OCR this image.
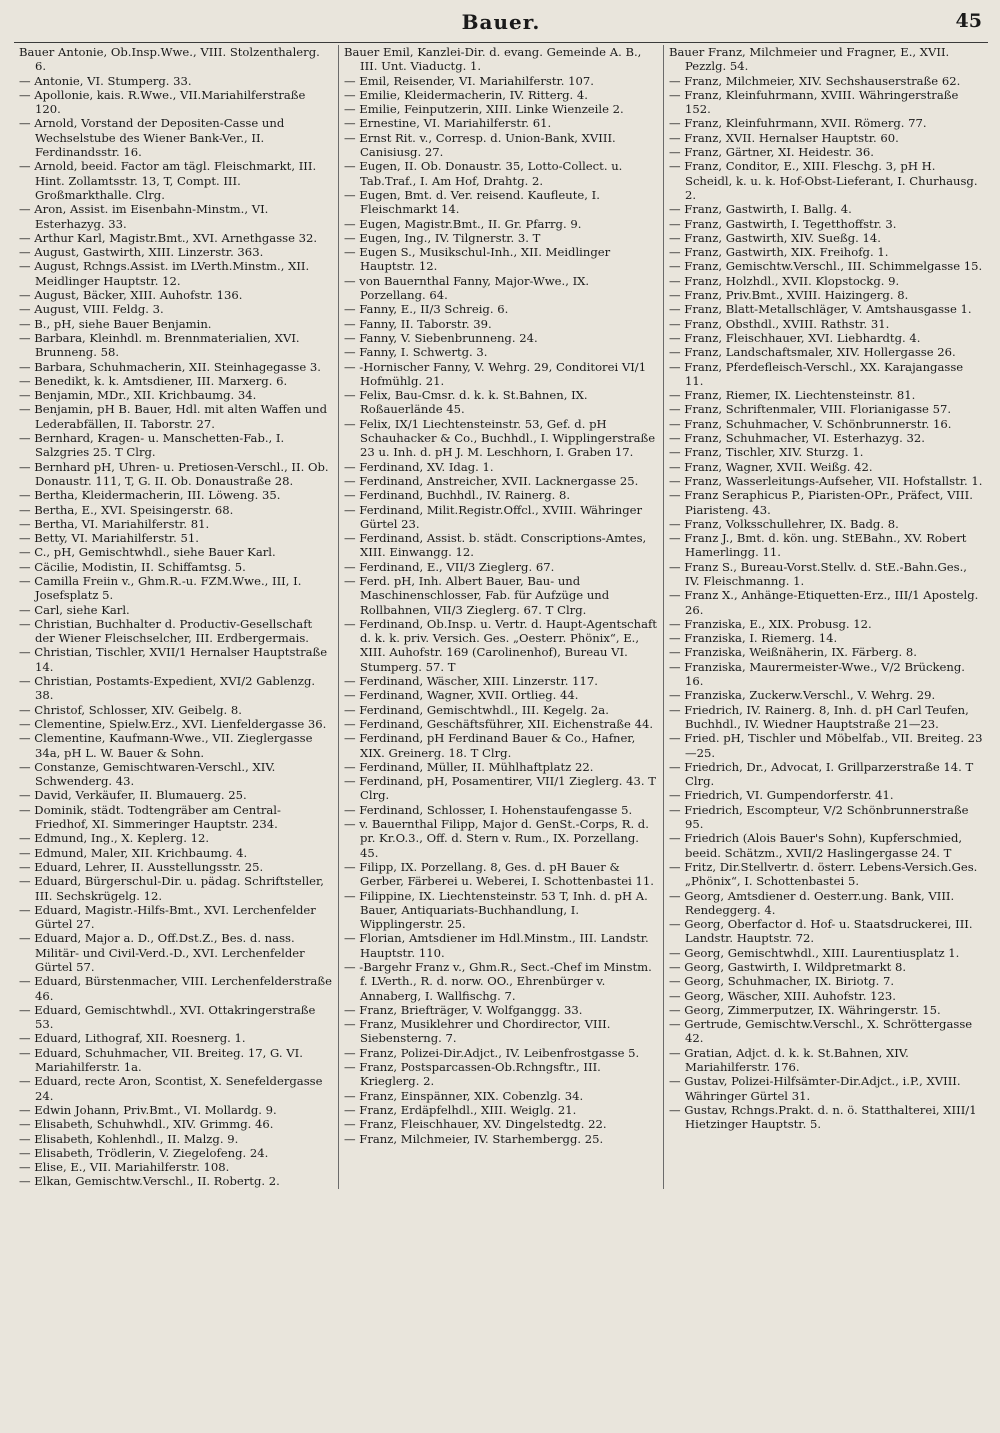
Bauer.	45

Bauer Antonie, Ob.Insp.Wwe., VIII. Stolzenthalerg. 6.

— Antonie, VI. Stumperg. 33.

— Apollonie, kais. R.Wwe., VII.Mariahilferstraße 120.

— Arnold, Vorstand der Depositen-Casse und Wechselstube des Wiener Bank-Ver., II. Ferdinandsstr. 16.

— Arnold, beeid. Factor am tägl. Fleischmarkt, III. Hint. Zollamtsstr. 13, T, Compt. III. Großmarkthalle. Clrg.

— Aron, Assist. im Eisenbahn-Minstm., VI. Esterhazyg. 33.

— Arthur Karl, Magistr.Bmt., XVI. Arnethgasse 32.

— August, Gastwirth, XIII. Linzerstr. 363.

— August, Rchngs.Assist. im LVerth.Minstm., XII. Meidlinger Hauptstr. 12.

— August, Bäcker, XIII. Auhofstr. 136.

— August, VIII. Feldg. 3.

— B., pH, siehe Bauer Benjamin.

— Barbara, Kleinhdl. m. Brennmaterialien, XVI. Brunneng. 58.

— Barbara, Schuhmacherin, XII. Steinhagegasse 3.

— Benedikt, k. k. Amtsdiener, III. Marxerg. 6.

— Benjamin, MDr., XII. Krichbaumg. 34.

— Benjamin, pH B. Bauer, Hdl. mit alten Waffen und Lederabfällen, II. Taborstr. 27.

— Bernhard, Kragen- u. Manschetten-Fab., I. Salzgries 25. T Clrg.

— Bernhard pH, Uhren- u. Pretiosen-Verschl., II. Ob. Donaustr. 111, T, G. II. Ob. Donaustraße 28.

— Bertha, Kleidermacherin, III. Löweng. 35.

— Bertha, E., XVI. Speisingerstr. 68.

— Bertha, VI. Mariahilferstr. 81.

— Betty, VI. Mariahilferstr. 51.

— C., pH, Gemischtwhdl., siehe Bauer Karl.

— Cäcilie, Modistin, II. Schiffamtsg. 5.

— Camilla Freiin v., Ghm.R.-u. FZM.Wwe., III, I. Josefsplatz 5.

— Carl, siehe Karl.

— Christian, Buchhalter d. Productiv-Gesellschaft der Wiener Fleischselcher, III. Erdbergermais.

— Christian, Tischler, XVII/1 Hernalser Hauptstraße 14.

— Christian, Postamts-Expedient, XVI/2 Gablenzg. 38.

— Christof, Schlosser, XIV. Geibelg. 8.

— Clementine, Spielw.Erz., XVI. Lienfeldergasse 36.

— Clementine, Kaufmann-Wwe., VII. Zieglergasse 34a, pH L. W. Bauer & Sohn.

— Constanze, Gemischtwaren-Verschl., XIV. Schwenderg. 43.

— David, Verkäufer, II. Blumauerg. 25.

— Dominik, städt. Todtengräber am Central-Friedhof, XI. Simmeringer Hauptstr. 234.

— Edmund, Ing., X. Keplerg. 12.

— Edmund, Maler, XII. Krichbaumg. 4.

— Eduard, Lehrer, II. Ausstellungsstr. 25.

— Eduard, Bürgerschul-Dir. u. pädag. Schriftsteller, III. Sechskrügelg. 12.

— Eduard, Magistr.-Hilfs-Bmt., XVI. Lerchenfelder Gürtel 27.

— Eduard, Major a. D., Off.Dst.Z., Bes. d. nass. Militär- und Civil-Verd.-D., XVI. Lerchenfelder Gürtel 57.

— Eduard, Bürstenmacher, VIII. Lerchenfelderstraße 46.

— Eduard, Gemischtwhdl., XVI. Ottakringerstraße 53.

— Eduard, Lithograf, XII. Roesnerg. 1.

— Eduard, Schuhmacher, VII. Breiteg. 17, G. VI. Mariahilferstr. 1a.

— Eduard, recte Aron, Scontist, X. Senefeldergasse 24.

— Edwin Johann, Priv.Bmt., VI. Mollardg. 9.

— Elisabeth, Schuhwhdl., XIV. Grimmg. 46.

— Elisabeth, Kohlenhdl., II. Malzg. 9.

— Elisabeth, Trödlerin, V. Ziegelofeng. 24.

— Elise, E., VII. Mariahilferstr. 108.

— Elkan, Gemischtw.Verschl., II. Robertg. 2.

Bauer Emil, Kanzlei-Dir. d. evang. Gemeinde A. B., III. Unt. Viaductg. 1.

— Emil, Reisender, VI. Mariahilferstr. 107.

— Emilie, Kleidermacherin, IV. Ritterg. 4.

— Emilie, Feinputzerin, XIII. Linke Wienzeile 2.

— Ernestine, VI. Mariahilferstr. 61.

— Ernst Rit. v., Corresp. d. Union-Bank, XVIII. Canisiusg. 27.

— Eugen, II. Ob. Donaustr. 35, Lotto-Collect. u. Tab.Traf., I. Am Hof, Drahtg. 2.

— Eugen, Bmt. d. Ver. reisend. Kaufleute, I. Fleischmarkt 14.

— Eugen, Magistr.Bmt., II. Gr. Pfarrg. 9.

— Eugen, Ing., IV. Tilgnerstr. 3. T

— Eugen S., Musikschul-Inh., XII. Meidlinger Hauptstr. 12.

— von Bauernthal Fanny, Major-Wwe., IX. Porzellang. 64.

— Fanny, E., II/3 Schreig. 6.

— Fanny, II. Taborstr. 39.

— Fanny, V. Siebenbrunneng. 24.

— Fanny, I. Schwertg. 3.

— -Hornischer Fanny, V. Wehrg. 29, Conditorei VI/1 Hofmühlg. 21.

— Felix, Bau-Cmsr. d. k. k. St.Bahnen, IX. Roßauerlände 45.

— Felix, IX/1 Liechtensteinstr. 53, Gef. d. pH Schauhacker & Co., Buchhdl., I. Wipplingerstraße 23 u. Inh. d. pH J. M. Leschhorn, I. Graben 17.

— Ferdinand, XV. Idag. 1.

— Ferdinand, Anstreicher, XVII. Lacknergasse 25.

— Ferdinand, Buchhdl., IV. Rainerg. 8.

— Ferdinand, Milit.Registr.Offcl., XVIII. Währinger Gürtel 23.

— Ferdinand, Assist. b. städt. Conscriptions-Amtes, XIII. Einwangg. 12.

— Ferdinand, E., VII/3 Zieglerg. 67.

— Ferd. pH, Inh. Albert Bauer, Bau- und Maschinenschlosser, Fab. für Aufzüge und Rollbahnen, VII/3 Zieglerg. 67. T Clrg.

— Ferdinand, Ob.Insp. u. Vertr. d. Haupt-Agentschaft d. k. k. priv. Versich. Ges. „Oesterr. Phönix“, E., XIII. Auhofstr. 169 (Carolinenhof), Bureau VI. Stumperg. 57. T

— Ferdinand, Wäscher, XIII. Linzerstr. 117.

— Ferdinand, Wagner, XVII. Ortlieg. 44.

— Ferdinand, Gemischtwhdl., III. Kegelg. 2a.

— Ferdinand, Geschäftsführer, XII. Eichenstraße 44.

— Ferdinand, pH Ferdinand Bauer & Co., Hafner, XIX. Greinerg. 18. T Clrg.

— Ferdinand, Müller, II. Mühlhaftplatz 22.

— Ferdinand, pH, Posamentirer, VII/1 Zieglerg. 43. T Clrg.

— Ferdinand, Schlosser, I. Hohenstaufengasse 5.

— v. Bauernthal Filipp, Major d. GenSt.-Corps, R. d. pr. Kr.O.3., Off. d. Stern v. Rum., IX. Porzellang. 45.

— Filipp, IX. Porzellang. 8, Ges. d. pH Bauer & Gerber, Färberei u. Weberei, I. Schottenbastei 11.

— Filippine, IX. Liechtensteinstr. 53 T, Inh. d. pH A. Bauer, Antiquariats-Buchhandlung, I. Wipplingerstr. 25.

— Florian, Amtsdiener im Hdl.Minstm., III. Landstr. Hauptstr. 110.

— -Bargehr Franz v., Ghm.R., Sect.-Chef im Minstm. f. LVerth., R. d. norw. OO., Ehrenbürger v. Annaberg, I. Wallfischg. 7.

— Franz, Briefträger, V. Wolfganggg. 33.

— Franz, Musiklehrer und Chordirector, VIII. Siebensterng. 7.

— Franz, Polizei-Dir.Adjct., IV. Leibenfrostgasse 5.

— Franz, Postsparcassen-Ob.Rchngsftr., III. Krieglerg. 2.

— Franz, Einspänner, XIX. Cobenzlg. 34.

— Franz, Erdäpfelhdl., XIII. Weiglg. 21.

— Franz, Fleischhauer, XV. Dingelstedtg. 22.

— Franz, Milchmeier, IV. Starhembergg. 25.

Bauer Franz, Milchmeier und Fragner, E., XVII. Pezzlg. 54.

— Franz, Milchmeier, XIV. Sechshauserstraße 62.

— Franz, Kleinfuhrmann, XVIII. Währingerstraße 152.

— Franz, Kleinfuhrmann, XVII. Römerg. 77.

— Franz, XVII. Hernalser Hauptstr. 60.

— Franz, Gärtner, XI. Heidestr. 36.

— Franz, Conditor, E., XIII. Fleschg. 3, pH H. Scheidl, k. u. k. Hof-Obst-Lieferant, I. Churhausg. 2.

— Franz, Gastwirth, I. Ballg. 4.

— Franz, Gastwirth, I. Tegetthoffstr. 3.

— Franz, Gastwirth, XIV. Sueßg. 14.

— Franz, Gastwirth, XIX. Freihofg. 1.

— Franz, Gemischtw.Verschl., III. Schimmelgasse 15.

— Franz, Holzhdl., XVII. Klopstockg. 9.

— Franz, Priv.Bmt., XVIII. Haizingerg. 8.

— Franz, Blatt-Metallschläger, V. Amtshausgasse 1.

— Franz, Obsthdl., XVIII. Rathstr. 31.

— Franz, Fleischhauer, XVI. Liebhardtg. 4.

— Franz, Landschaftsmaler, XIV. Hollergasse 26.

— Franz, Pferdefleisch-Verschl., XX. Karajangasse 11.

— Franz, Riemer, IX. Liechtensteinstr. 81.

— Franz, Schriftenmaler, VIII. Florianigasse 57.

— Franz, Schuhmacher, V. Schönbrunnerstr. 16.

— Franz, Schuhmacher, VI. Esterhazyg. 32.

— Franz, Tischler, XIV. Sturzg. 1.

— Franz, Wagner, XVII. Weißg. 42.

— Franz, Wasserleitungs-Aufseher, VII. Hofstallstr. 1.

— Franz Seraphicus P., Piaristen-OPr., Präfect, VIII. Piaristeng. 43.

— Franz, Volksschullehrer, IX. Badg. 8.

— Franz J., Bmt. d. kön. ung. StEBahn., XV. Robert Hamerlingg. 11.

— Franz S., Bureau-Vorst.Stellv. d. StE.-Bahn.Ges., IV. Fleischmanng. 1.

— Franz X., Anhänge-Etiquetten-Erz., III/1 Apostelg. 26.

— Franziska, E., XIX. Probusg. 12.

— Franziska, I. Riemerg. 14.

— Franziska, Weißnäherin, IX. Färberg. 8.

— Franziska, Maurermeister-Wwe., V/2 Brückeng. 16.

— Franziska, Zuckerw.Verschl., V. Wehrg. 29.

— Friedrich, IV. Rainerg. 8, Inh. d. pH Carl Teufen, Buchhdl., IV. Wiedner Hauptstraße 21—23.

— Fried. pH, Tischler und Möbelfab., VII. Breiteg. 23—25.

— Friedrich, Dr., Advocat, I. Grillparzerstraße 14. T Clrg.

— Friedrich, VI. Gumpendorferstr. 41.

— Friedrich, Escompteur, V/2 Schönbrunnerstraße 95.

— Friedrich (Alois Bauer's Sohn), Kupferschmied, beeid. Schätzm., XVII/2 Haslingergasse 24. T

— Fritz, Dir.Stellvertr. d. österr. Lebens-Versich.Ges. „Phönix“, I. Schottenbastei 5.

— Georg, Amtsdiener d. Oesterr.ung. Bank, VIII. Rendeggerg. 4.

— Georg, Oberfactor d. Hof- u. Staatsdruckerei, III. Landstr. Hauptstr. 72.

— Georg, Gemischtwhdl., XIII. Laurentiusplatz 1.

— Georg, Gastwirth, I. Wildpretmarkt 8.

— Georg, Schuhmacher, IX. Biriotg. 7.

— Georg, Wäscher, XIII. Auhofstr. 123.

— Georg, Zimmerputzer, IX. Währingerstr. 15.

— Gertrude, Gemischtw.Verschl., X. Schröttergasse 42.

— Gratian, Adjct. d. k. k. St.Bahnen, XIV. Mariahilferstr. 176.

— Gustav, Polizei-Hilfsämter-Dir.Adjct., i.P., XVIII. Währinger Gürtel 31.

— Gustav, Rchngs.Prakt. d. n. ö. Statthalterei, XIII/1 Hietzinger Hauptstr. 5.
